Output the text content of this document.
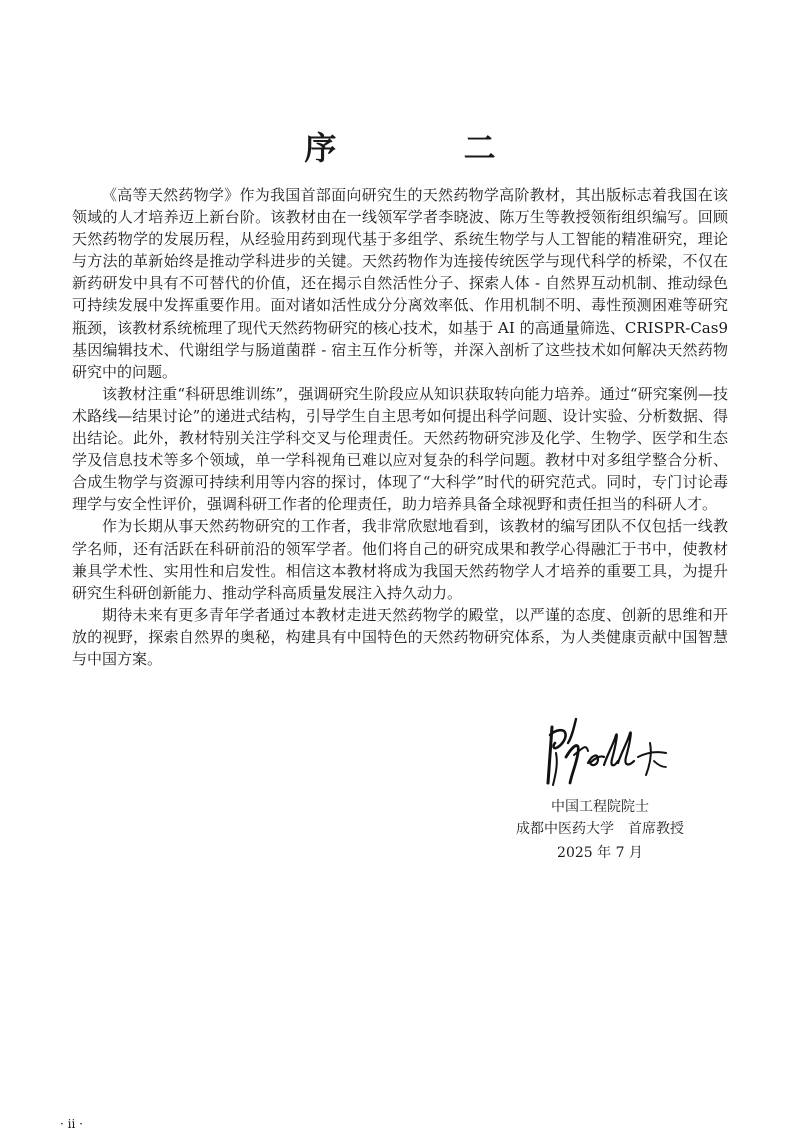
序 二

《高等天然药物学》作为我国首部面向研究生的天然药物学高阶教材，其出版标志着我国在该领域的人才培养迈上新台阶。该教材由在一线领军学者李晓波、陈万生等教授领衔组织编写。回顾天然药物学的发展历程，从经验用药到现代基于多组学、系统生物学与人工智能的精准研究，理论与方法的革新始终是推动学科进步的关键。天然药物作为连接传统医学与现代科学的桥梁，不仅在新药研发中具有不可替代的价值，还在揭示自然活性分子、探索人体 - 自然界互动机制、推动绿色可持续发展中发挥重要作用。面对诸如活性成分分离效率低、作用机制不明、毒性预测困难等研究瓶颈，该教材系统梳理了现代天然药物研究的核心技术，如基于 AI 的高通量筛选、CRISPR-Cas9 基因编辑技术、代谢组学与肠道菌群 - 宿主互作分析等，并深入剖析了这些技术如何解决天然药物研究中的问题。

该教材注重“科研思维训练”，强调研究生阶段应从知识获取转向能力培养。通过“研究案例—技术路线—结果讨论”的递进式结构，引导学生自主思考如何提出科学问题、设计实验、分析数据、得出结论。此外，教材特别关注学科交叉与伦理责任。天然药物研究涉及化学、生物学、医学和生态学及信息技术等多个领域，单一学科视角已难以应对复杂的科学问题。教材中对多组学整合分析、合成生物学与资源可持续利用等内容的探讨，体现了“大科学”时代的研究范式。同时，专门讨论毒理学与安全性评价，强调科研工作者的伦理责任，助力培养具备全球视野和责任担当的科研人才。

作为长期从事天然药物研究的工作者，我非常欣慰地看到，该教材的编写团队不仅包括一线教学名师，还有活跃在科研前沿的领军学者。他们将自己的研究成果和教学心得融汇于书中，使教材兼具学术性、实用性和启发性。相信这本教材将成为我国天然药物学人才培养的重要工具，为提升研究生科研创新能力、推动学科高质量发展注入持久动力。

期待未来有更多青年学者通过本教材走进天然药物学的殿堂，以严谨的态度、创新的思维和开放的视野，探索自然界的奥秘，构建具有中国特色的天然药物研究体系，为人类健康贡献中国智慧与中国方案。

中国工程院院士
成都中医药大学　首席教授
2025 年 7 月
· ii ·
